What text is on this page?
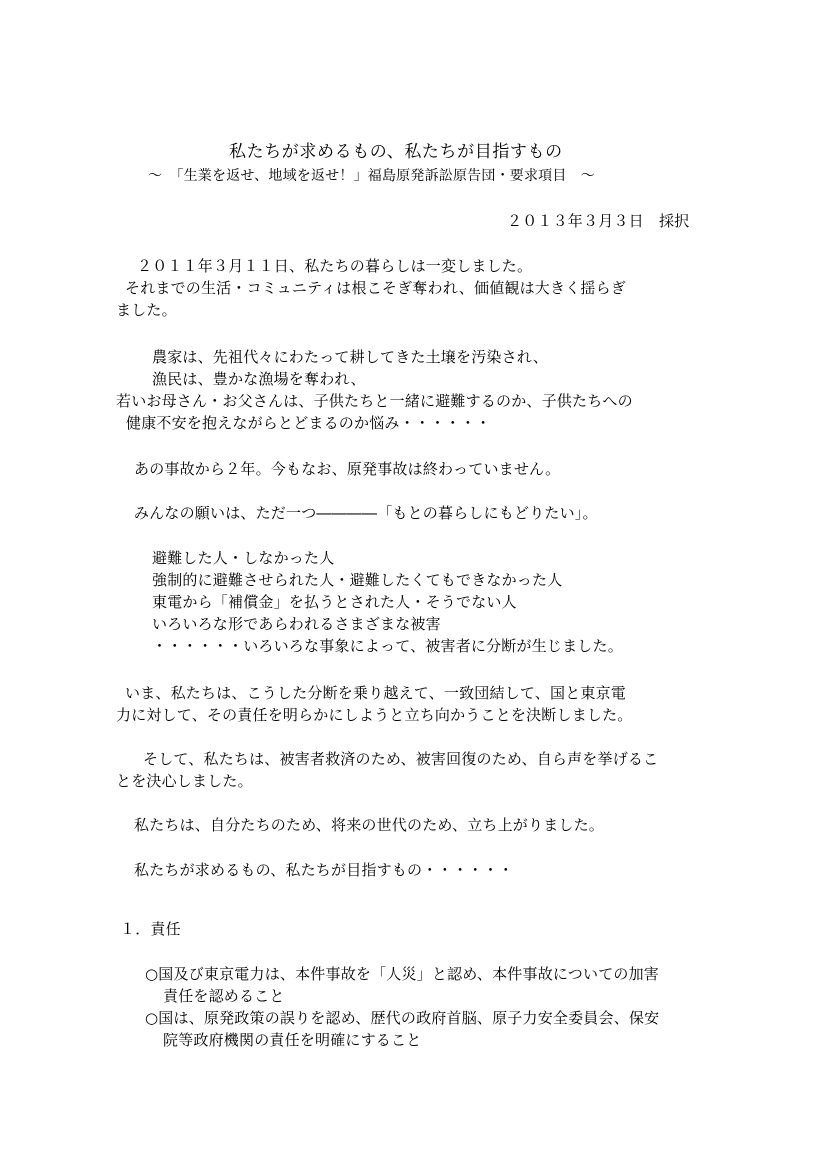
私たちが求めるもの、私たちが目指すもの
～　「生業を返せ、地域を返せ！」福島原発訴訟原告団・要求項目　～
２０１３年３月３日　採択
２０１１年３月１１日、私たちの暮らしは一変しました。
それまでの生活・コミュニティは根こそぎ奪われ、価値観は大きく揺らぎ
ました。
農家は、先祖代々にわたって耕してきた土壌を汚染され、
漁民は、豊かな漁場を奪われ、
若いお母さん・お父さんは、子供たちと一緒に避難するのか、子供たちへの
健康不安を抱えながらとどまるのか悩み・・・・・・
あの事故から２年。今もなお、原発事故は終わっていません。
みんなの願いは、ただ一つ――――「もとの暮らしにもどりたい」。
避難した人・しなかった人
強制的に避難させられた人・避難したくてもできなかった人
東電から「補償金」を払うとされた人・そうでない人
いろいろな形であらわれるさまざまな被害
・・・・・・いろいろな事象によって、被害者に分断が生じました。
いま、私たちは、こうした分断を乗り越えて、一致団結して、国と東京電
力に対して、その責任を明らかにしようと立ち向かうことを決断しました。
そして、私たちは、被害者救済のため、被害回復のため、自ら声を挙げるこ
とを決心しました。
私たちは、自分たちのため、将来の世代のため、立ち上がりました。
私たちが求めるもの、私たちが目指すもの・・・・・・
１．責任
○国及び東京電力は、本件事故を「人災」と認め、本件事故についての加害
責任を認めること
○国は、原発政策の誤りを認め、歴代の政府首脳、原子力安全委員会、保安
院等政府機関の責任を明確にすること
